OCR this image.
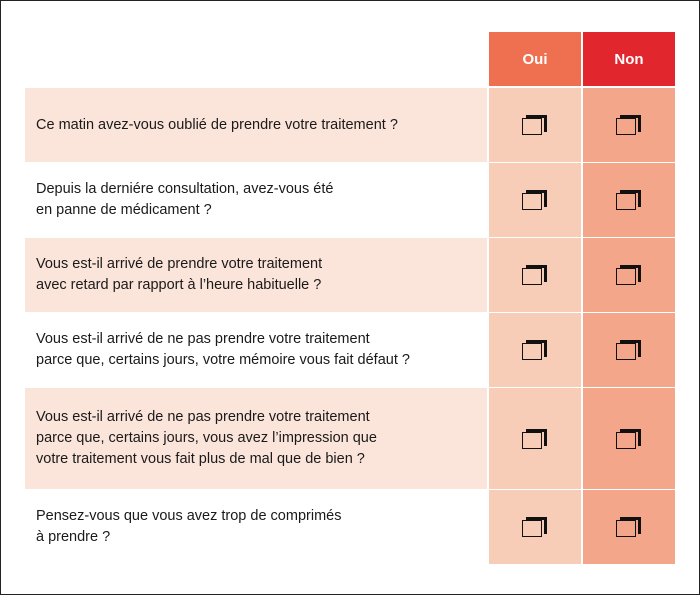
Oui	Non
Ce matin avez-vous oublié de prendre votre traitement ?
Depuis la derniére consultation, avez-vous été
en panne de médicament ?
Vous est-il arrivé de prendre votre traitement
avec retard par rapport à l’heure habituelle ?
Vous est-il arrivé de ne pas prendre votre traitement
parce que, certains jours, votre mémoire vous fait défaut ?
Vous est-il arrivé de ne pas prendre votre traitement
parce que, certains jours, vous avez l’impression que
votre traitement vous fait plus de mal que de bien ?
Pensez-vous que vous avez trop de comprimés
à prendre ?
